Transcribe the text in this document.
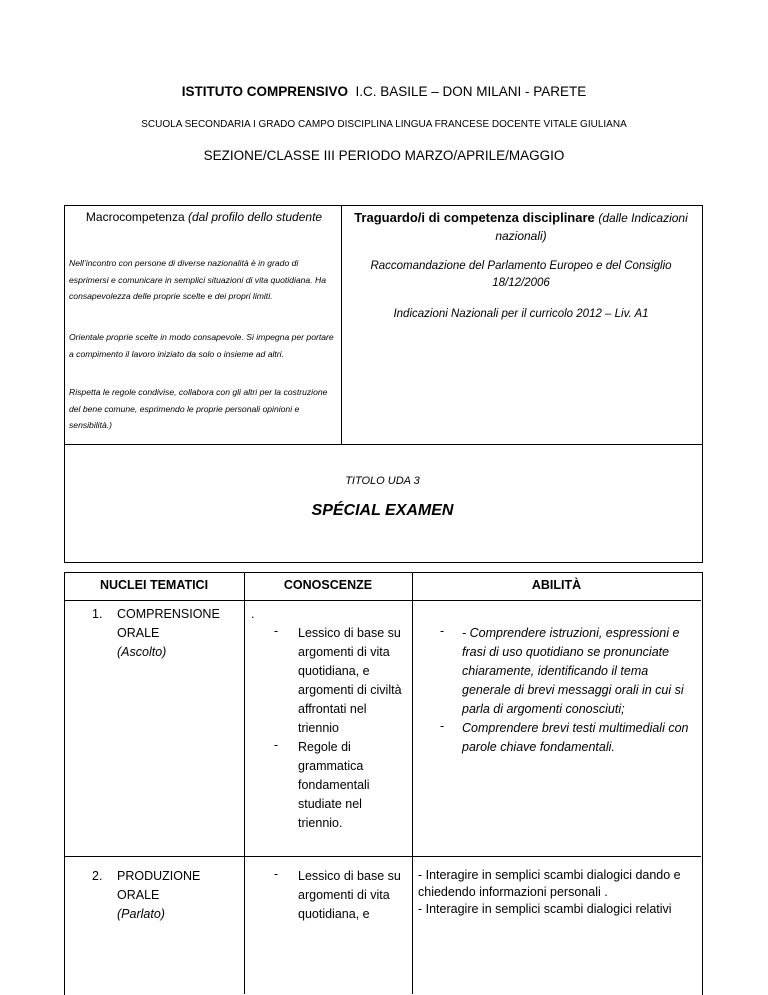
ISTITUTO COMPRENSIVO I.C. BASILE – DON MILANI - PARETE
SCUOLA SECONDARIA I GRADO CAMPO DISCIPLINA LINGUA FRANCESE DOCENTE VITALE GIULIANA
SEZIONE/CLASSE III PERIODO MARZO/APRILE/MAGGIO
Macrocompetenza (dal profilo dello studente
Nell’incontro con persone di diverse nazionalità è in grado di esprimersi e comunicare in semplici situazioni di vita quotidiana. Ha consapevolezza delle proprie scelte e dei propri limiti.
Orientale proprie scelte in modo consapevole. Si impegna per portare a compimento il lavoro iniziato da solo o insieme ad altri.
Rispetta le regole condivise, collabora con gli altri per la costruzione del bene comune, esprimendo le proprie personali opinioni e sensibilità.)
Traguardo/i di competenza disciplinare (dalle Indicazioni nazionali)
Raccomandazione del Parlamento Europeo e del Consiglio 18/12/2006
Indicazioni Nazionali per il curricolo 2012 – Liv. A1
TITOLO UDA 3
SPÉCIAL EXAMEN
NUCLEI TEMATICI	CONOSCENZE	ABILITÀ
1. COMPRENSIONE ORALE
(Ascolto)
.
- Lessico di base su argomenti di vita quotidiana, e argomenti di civiltà affrontati nel triennio
- Regole di grammatica fondamentali studiate nel triennio.
- - Comprendere istruzioni, espressioni e frasi di uso quotidiano se pronunciate chiaramente, identificando il tema generale di brevi messaggi orali in cui si parla di argomenti conosciuti;
- Comprendere brevi testi multimediali con parole chiave fondamentali.
2. PRODUZIONE ORALE
(Parlato)
- Lessico di base su argomenti di vita quotidiana, e
- Interagire in semplici scambi dialogici dando e chiedendo informazioni personali .
- Interagire in semplici scambi dialogici relativi
